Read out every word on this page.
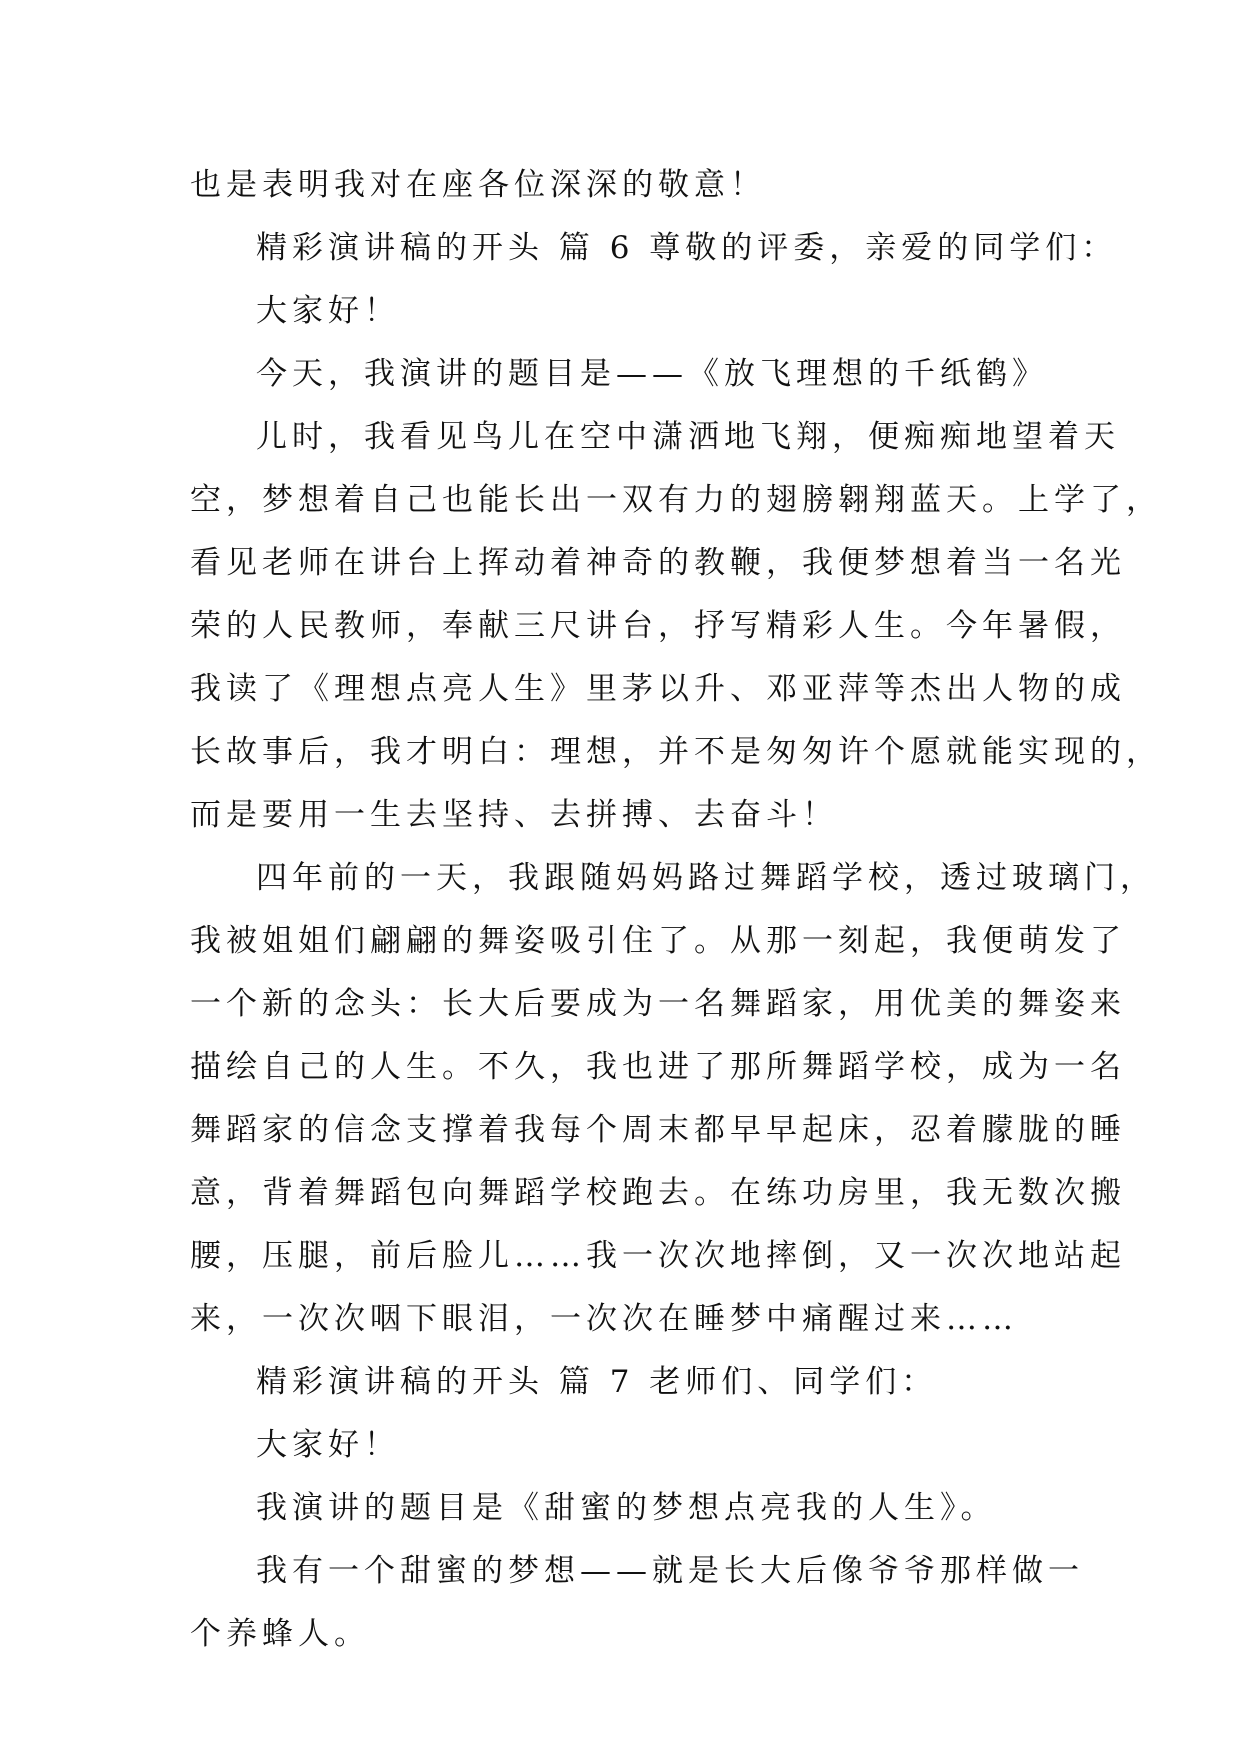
也是表明我对在座各位深深的敬意！
精彩演讲稿的开头 篇 6 尊敬的评委，亲爱的同学们：
大家好！
今天，我演讲的题目是——《放飞理想的千纸鹤》
儿时，我看见鸟儿在空中潇洒地飞翔，便痴痴地望着天
空，梦想着自己也能长出一双有力的翅膀翱翔蓝天。上学了，
看见老师在讲台上挥动着神奇的教鞭，我便梦想着当一名光
荣的人民教师，奉献三尺讲台，抒写精彩人生。今年暑假，
我读了《理想点亮人生》里茅以升、邓亚萍等杰出人物的成
长故事后，我才明白：理想，并不是匆匆许个愿就能实现的，
而是要用一生去坚持、去拼搏、去奋斗！
四年前的一天，我跟随妈妈路过舞蹈学校，透过玻璃门，
我被姐姐们翩翩的舞姿吸引住了。从那一刻起，我便萌发了
一个新的念头：长大后要成为一名舞蹈家，用优美的舞姿来
描绘自己的人生。不久，我也进了那所舞蹈学校，成为一名
舞蹈家的信念支撑着我每个周末都早早起床，忍着朦胧的睡
意，背着舞蹈包向舞蹈学校跑去。在练功房里，我无数次搬
腰，压腿，前后脸儿……我一次次地摔倒，又一次次地站起
来，一次次咽下眼泪，一次次在睡梦中痛醒过来……
精彩演讲稿的开头 篇 7 老师们、同学们：
大家好！
我演讲的题目是《甜蜜的梦想点亮我的人生》。
我有一个甜蜜的梦想——就是长大后像爷爷那样做一
个养蜂人。
